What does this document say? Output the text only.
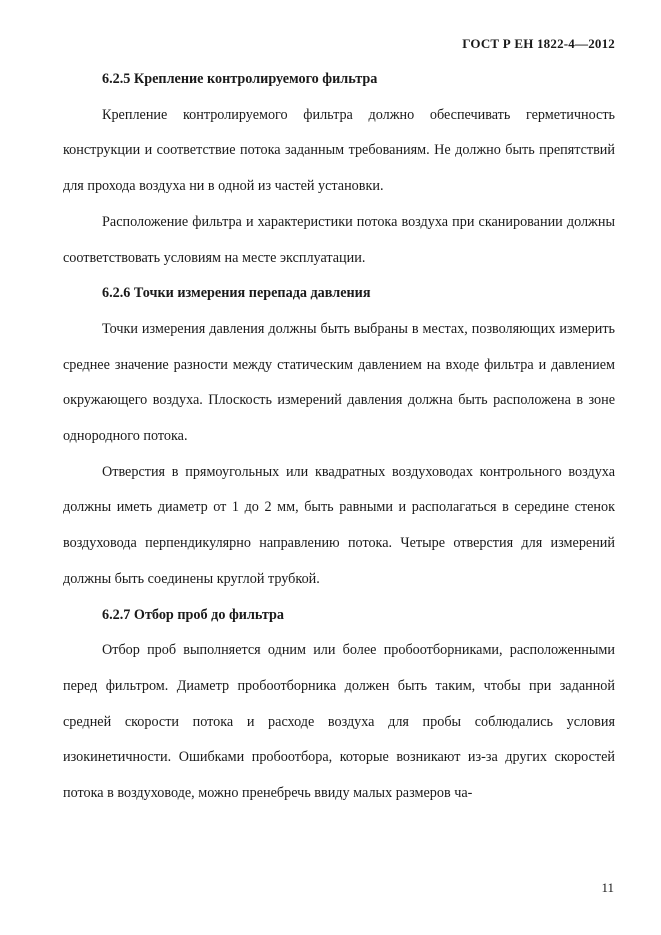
ГОСТ Р ЕН 1822-4—2012

6.2.5 Крепление контролируемого фильтра

Крепление контролируемого фильтра должно обеспечивать герметичность конструкции и соответствие потока заданным требованиям. Не должно быть препятствий для прохода воздуха ни в одной из частей установки.

Расположение фильтра и характеристики потока воздуха при сканировании должны соответствовать условиям на месте эксплуатации.

6.2.6 Точки измерения перепада давления

Точки измерения давления должны быть выбраны в местах, позволяющих измерить среднее значение разности между статическим давлением на входе фильтра и давлением окружающего воздуха. Плоскость измерений давления должна быть расположена в зоне однородного потока.

Отверстия в прямоугольных или квадратных воздуховодах контрольного воздуха должны иметь диаметр от 1 до 2 мм, быть равными и располагаться в середине стенок воздуховода перпендикулярно направлению потока. Четыре отверстия для измерений должны быть соединены круглой трубкой.

6.2.7 Отбор проб до фильтра

Отбор проб выполняется одним или более пробоотборниками, расположенными перед фильтром. Диаметр пробоотборника должен быть таким, чтобы при заданной средней скорости потока и расходе воздуха для пробы соблюдались условия изокинетичности. Ошибками пробоотбора, которые возникают из-за других скоростей потока в воздуховоде, можно пренебречь ввиду малых размеров ча-

11
